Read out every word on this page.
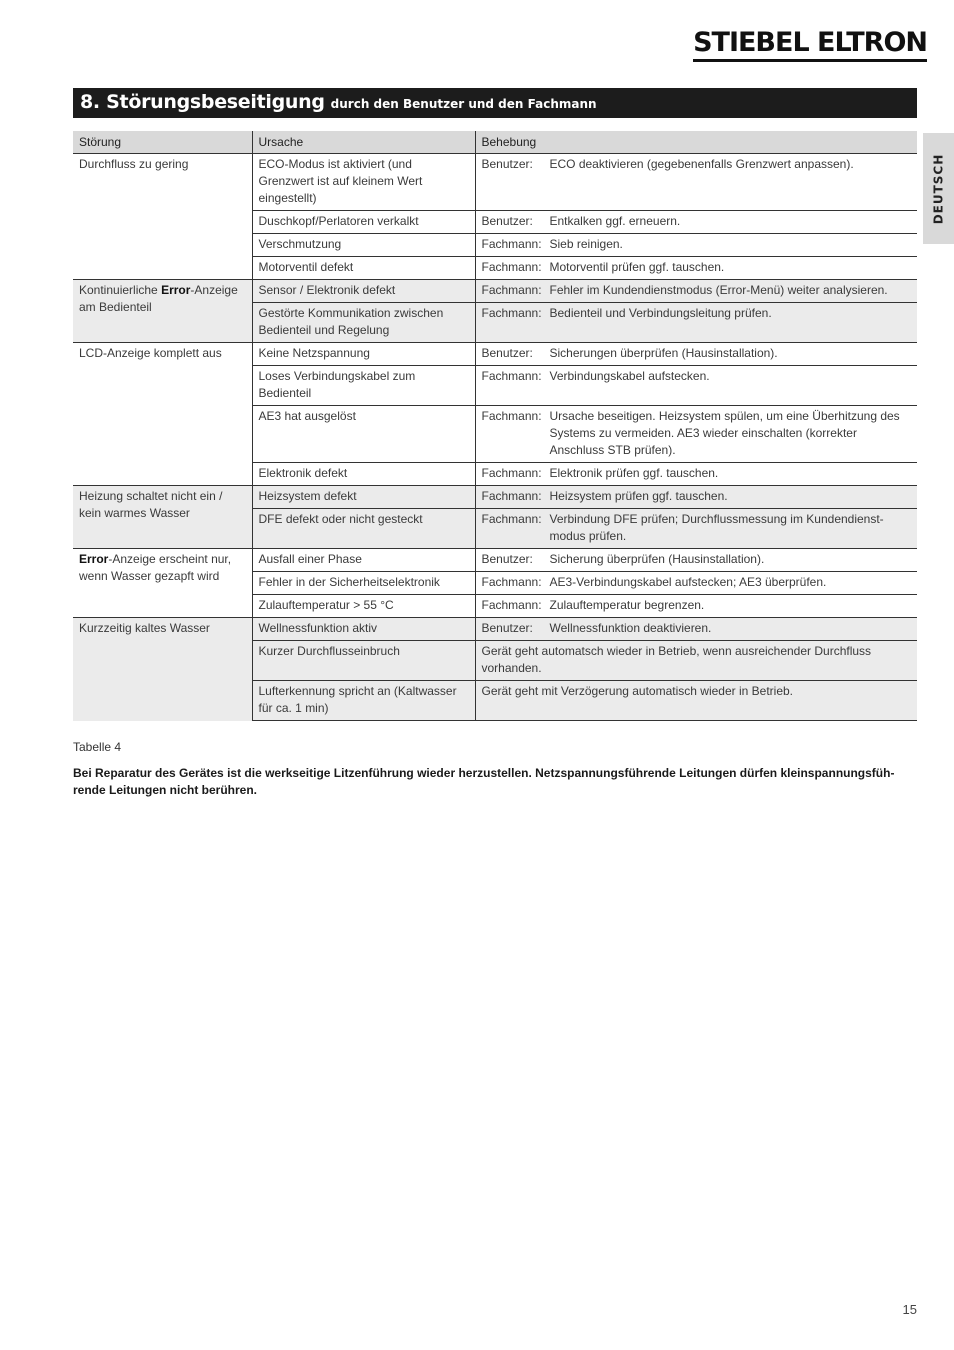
STIEBEL ELTRON
DEUTSCH
8. Störungsbeseitigung durch den Benutzer und den Fachmann
Störung	Ursache	Behebung
Durchfluss zu gering	ECO-Modus ist aktiviert (und Grenzwert ist auf kleinem Wert eingestellt)	Benutzer: ECO deaktivieren (gegebenenfalls Grenzwert anpassen).

	Duschkopf/Perlatoren verkalkt	Benutzer: Entkalken ggf. erneuern.

	Verschmutzung	Fachmann: Sieb reinigen.

	Motorventil defekt	Fachmann: Motorventil prüfen ggf. tauschen.

Kontinuierliche Error-Anzeige am Bedienteil	Sensor / Elektronik defekt	Fachmann: Fehler im Kundendienstmodus (Error-Menü) weiter analysieren.

	Gestörte Kommunikation zwischen Bedienteil und Regelung	Fachmann: Bedienteil und Verbindungsleitung prüfen.

LCD-Anzeige komplett aus	Keine Netzspannung	Benutzer: Sicherungen überprüfen (Hausinstallation).

	Loses Verbindungskabel zum Bedienteil	Fachmann: Verbindungskabel aufstecken.

	AE3 hat ausgelöst	Fachmann: Ursache beseitigen. Heizsystem spülen, um eine Überhitzung des Systems zu vermeiden. AE3 wieder einschalten (korrekter Anschluss STB prüfen).

	Elektronik defekt	Fachmann: Elektronik prüfen ggf. tauschen.

Heizung schaltet nicht ein / kein warmes Wasser	Heizsystem defekt	Fachmann: Heizsystem prüfen ggf. tauschen.

	DFE defekt oder nicht gesteckt	Fachmann: Verbindung DFE prüfen; Durchflussmessung im Kundendienst-modus prüfen.

Error-Anzeige erscheint nur, wenn Wasser gezapft wird	Ausfall einer Phase	Benutzer: Sicherung überprüfen (Hausinstallation).

	Fehler in der Sicherheitselektronik	Fachmann: AE3-Verbindungskabel aufstecken; AE3 überprüfen.

	Zulauftemperatur > 55 °C	Fachmann: Zulauftemperatur begrenzen.

Kurzzeitig kaltes Wasser	Wellnessfunktion aktiv	Benutzer: Wellnessfunktion deaktivieren.

	Kurzer Durchflusseinbruch	Gerät geht automatsch wieder in Betrieb, wenn ausreichender Durchfluss vorhanden.
	Lufterkennung spricht an (Kaltwasser für ca. 1 min)	Gerät geht mit Verzögerung automatisch wieder in Betrieb.
Tabelle 4
Bei Reparatur des Gerätes ist die werkseitige Litzenführung wieder herzustellen. Netzspannungsführende Leitungen dürfen kleinspannungsfüh-rende Leitungen nicht berühren.
15
